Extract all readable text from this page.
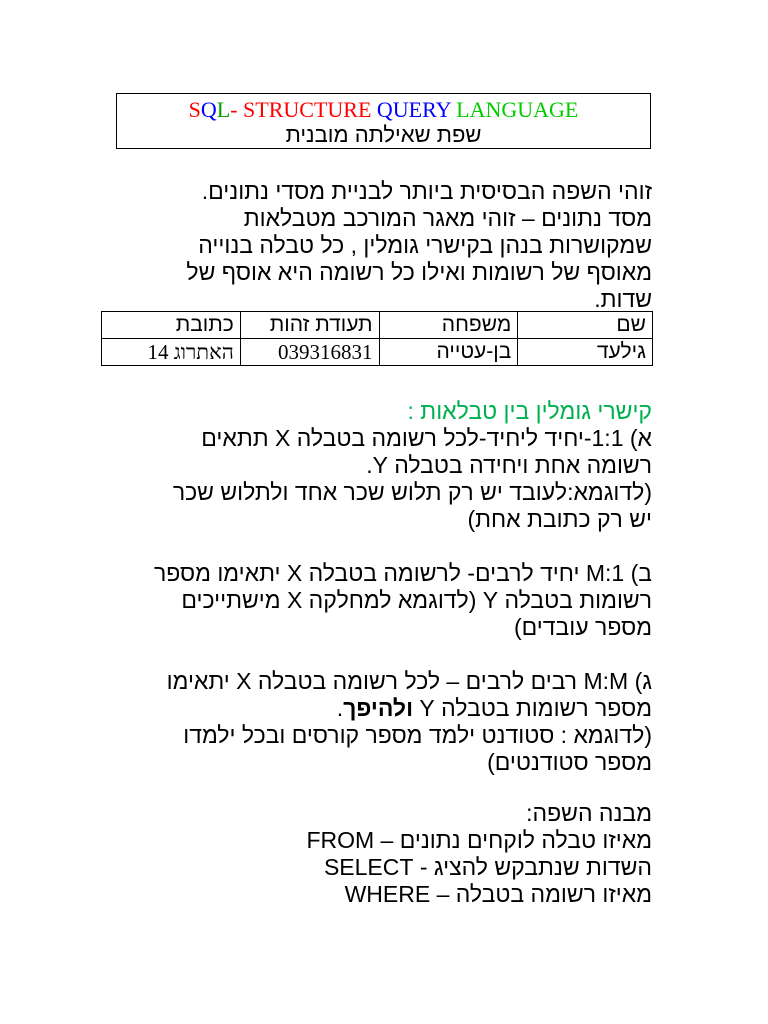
SQL- STRUCTURE QUERY LANGUAGE
שפת שאילתה מובנית
זוהי השפה הבסיסית ביותר לבניית מסדי נתונים.
מסד נתונים – זוהי מאגר המורכב מטבלאות
שמקושרות בנהן בקישרי גומלין , כל טבלה בנוייה
מאוסף של רשומות ואילו כל רשומה היא אוסף של
שדות.
שם	משפחה	תעודת זהות	כתובת
גילעד	בן-עטייה	039316831	האתרוג 14
קישרי גומלין בין טבלאות :
א) 1:1-יחיד ליחיד-לכל רשומה בטבלה X תתאים
רשומה אחת ויחידה בטבלה Y.
(לדוגמא:לעובד יש רק תלוש שכר אחד ולתלוש שכר
יש רק כתובת אחת)
ב) M:1 יחיד לרבים- לרשומה בטבלה X יתאימו מספר
רשומות בטבלה Y (לדוגמא למחלקה X מישתייכים
מספר עובדים)
ג) M:M רבים לרבים – לכל רשומה בטבלה X יתאימו
מספר רשומות בטבלה Y ולהיפך.
(לדוגמא : סטודנט ילמד מספר קורסים ובכל ילמדו
מספר סטודנטים)
מבנה השפה:
מאיזו טבלה לוקחים נתונים – FROM
השדות שנתבקש להציג - SELECT
מאיזו רשומה בטבלה – WHERE
